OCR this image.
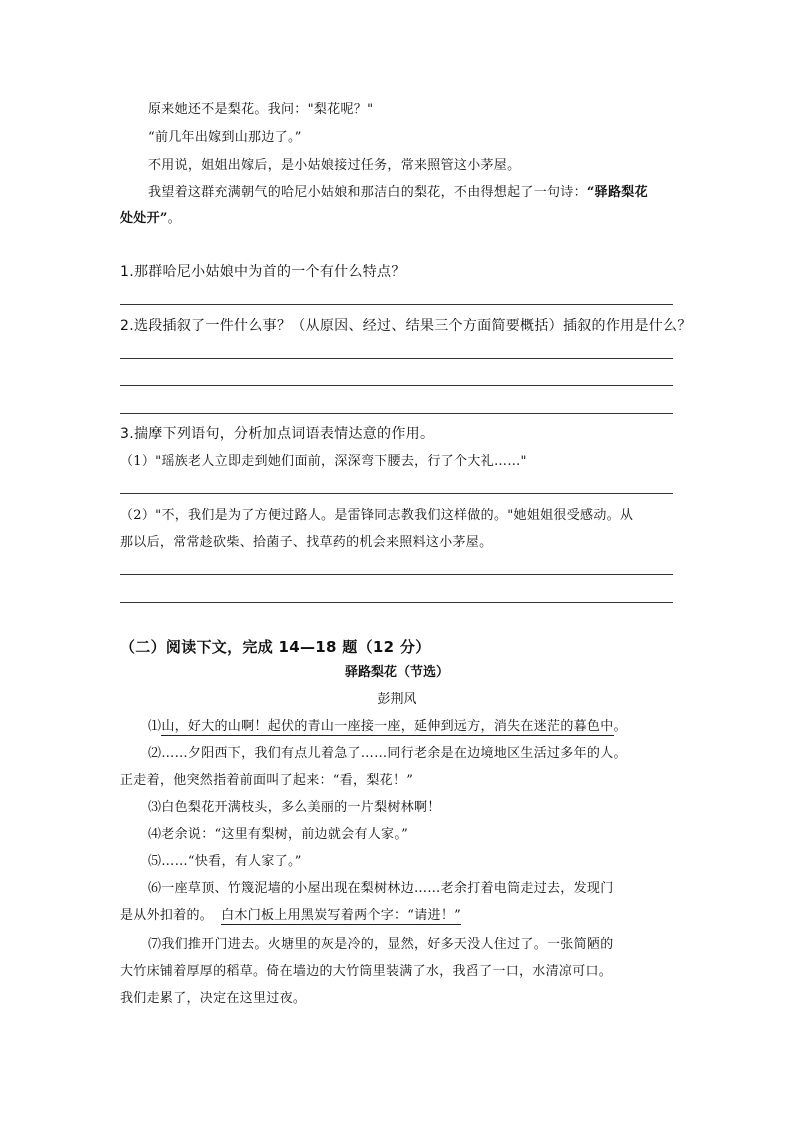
原来她还不是梨花。我问："梨花呢？"
“前几年出嫁到山那边了。”
不用说，姐姐出嫁后，是小姑娘接过任务，常来照管这小茅屋。
我望着这群充满朝气的哈尼小姑娘和那洁白的梨花，不由得想起了一句诗：“驿路梨花
处处开”。
1.那群哈尼小姑娘中为首的一个有什么特点？
2.选段插叙了一件什么事？（从原因、经过、结果三个方面简要概括）插叙的作用是什么？
3.揣摩下列语句，分析加点词语表情达意的作用。
（1）"瑶族老人立即走到她们面前，深深弯下腰去，行了个大礼……"
（2）"不，我们是为了方便过路人。是雷锋同志教我们这样做的。"她姐姐很受感动。从
那以后，常常趁砍柴、拾菌子、找草药的机会来照料这小茅屋。
（二）阅读下文，完成 14—18 题（12 分）
驿路梨花（节选）
彭荆风
⑴山，好大的山啊！起伏的青山一座接一座，延伸到远方，消失在迷茫的暮色中。
⑵……夕阳西下，我们有点儿着急了……同行老余是在边境地区生活过多年的人。
正走着，他突然指着前面叫了起来：“看，梨花！”
⑶白色梨花开满枝头，多么美丽的一片梨树林啊！
⑷老余说：“这里有梨树，前边就会有人家。”
⑸……“快看，有人家了。”
⑹一座草顶、竹篾泥墙的小屋出现在梨树林边……老余打着电筒走过去，发现门
是从外扣着的。 白木门板上用黑炭写着两个字：“请进！”
⑺我们推开门进去。火塘里的灰是冷的，显然，好多天没人住过了。一张简陋的
大竹床铺着厚厚的稻草。倚在墙边的大竹筒里装满了水，我舀了一口，水清凉可口。
我们走累了，决定在这里过夜。
